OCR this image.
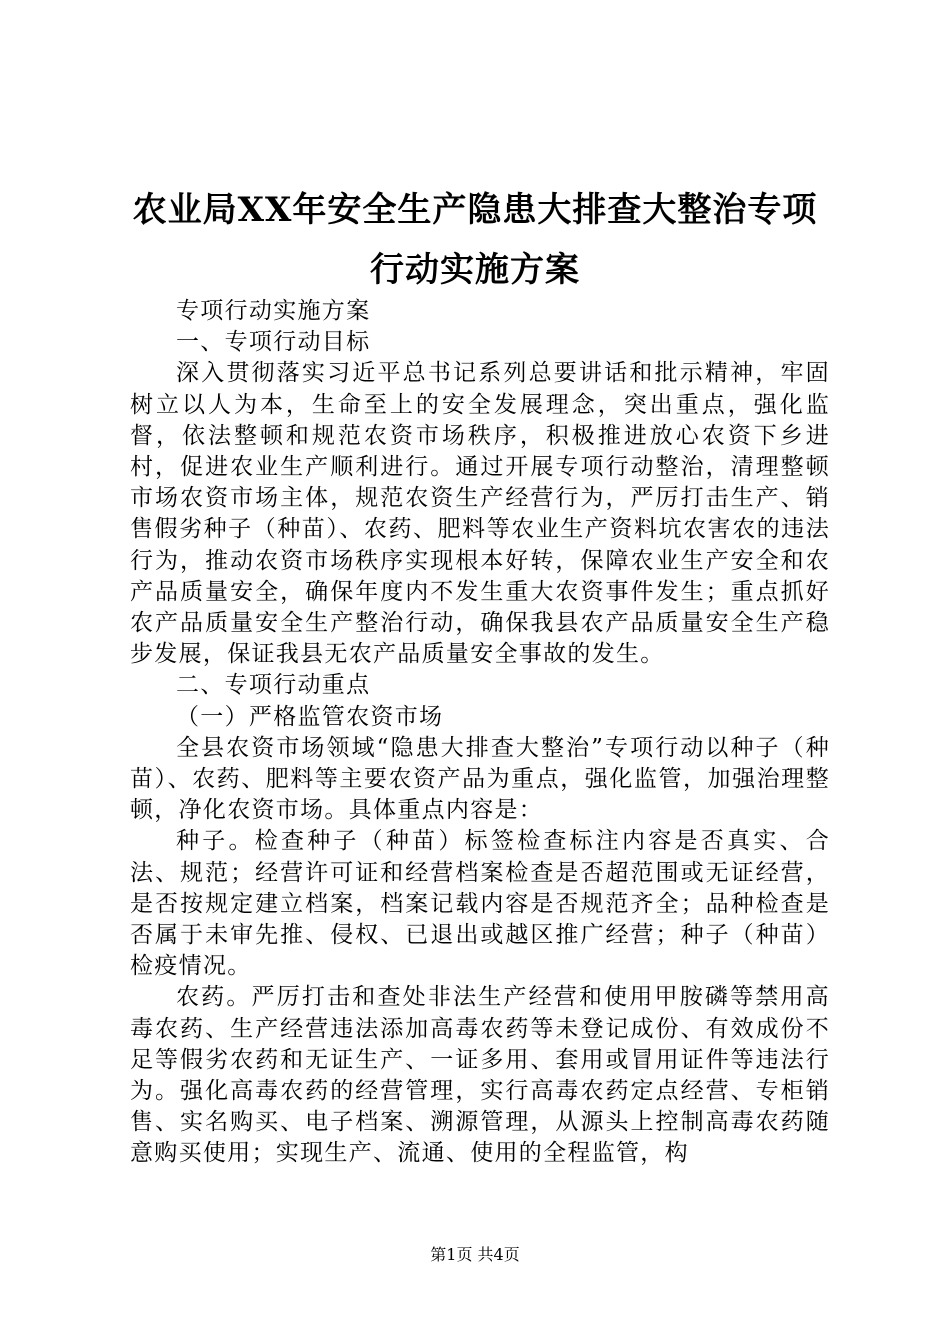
农业局XX年安全生产隐患大排查大整治专项
行动实施方案

专项行动实施方案

一、专项行动目标

深入贯彻落实习近平总书记系列总要讲话和批示精神，牢固树立以人为本，生命至上的安全发展理念，突出重点，强化监督，依法整顿和规范农资市场秩序，积极推进放心农资下乡进村，促进农业生产顺利进行。通过开展专项行动整治，清理整顿市场农资市场主体，规范农资生产经营行为，严厉打击生产、销售假劣种子（种苗）、农药、肥料等农业生产资料坑农害农的违法行为，推动农资市场秩序实现根本好转，保障农业生产安全和农产品质量安全，确保年度内不发生重大农资事件发生；重点抓好农产品质量安全生产整治行动，确保我县农产品质量安全生产稳步发展，保证我县无农产品质量安全事故的发生。

二、专项行动重点

（一）严格监管农资市场

全县农资市场领域“隐患大排查大整治”专项行动以种子（种苗）、农药、肥料等主要农资产品为重点，强化监管，加强治理整顿，净化农资市场。具体重点内容是：

种子。检查种子（种苗）标签检查标注内容是否真实、合法、规范；经营许可证和经营档案检查是否超范围或无证经营，是否按规定建立档案，档案记载内容是否规范齐全；品种检查是否属于未审先推、侵权、已退出或越区推广经营；种子（种苗）检疫情况。

农药。严厉打击和查处非法生产经营和使用甲胺磷等禁用高毒农药、生产经营违法添加高毒农药等未登记成份、有效成份不足等假劣农药和无证生产、一证多用、套用或冒用证件等违法行为。强化高毒农药的经营管理，实行高毒农药定点经营、专柜销售、实名购买、电子档案、溯源管理，从源头上控制高毒农药随意购买使用；实现生产、流通、使用的全程监管，构

第1页 共4页
